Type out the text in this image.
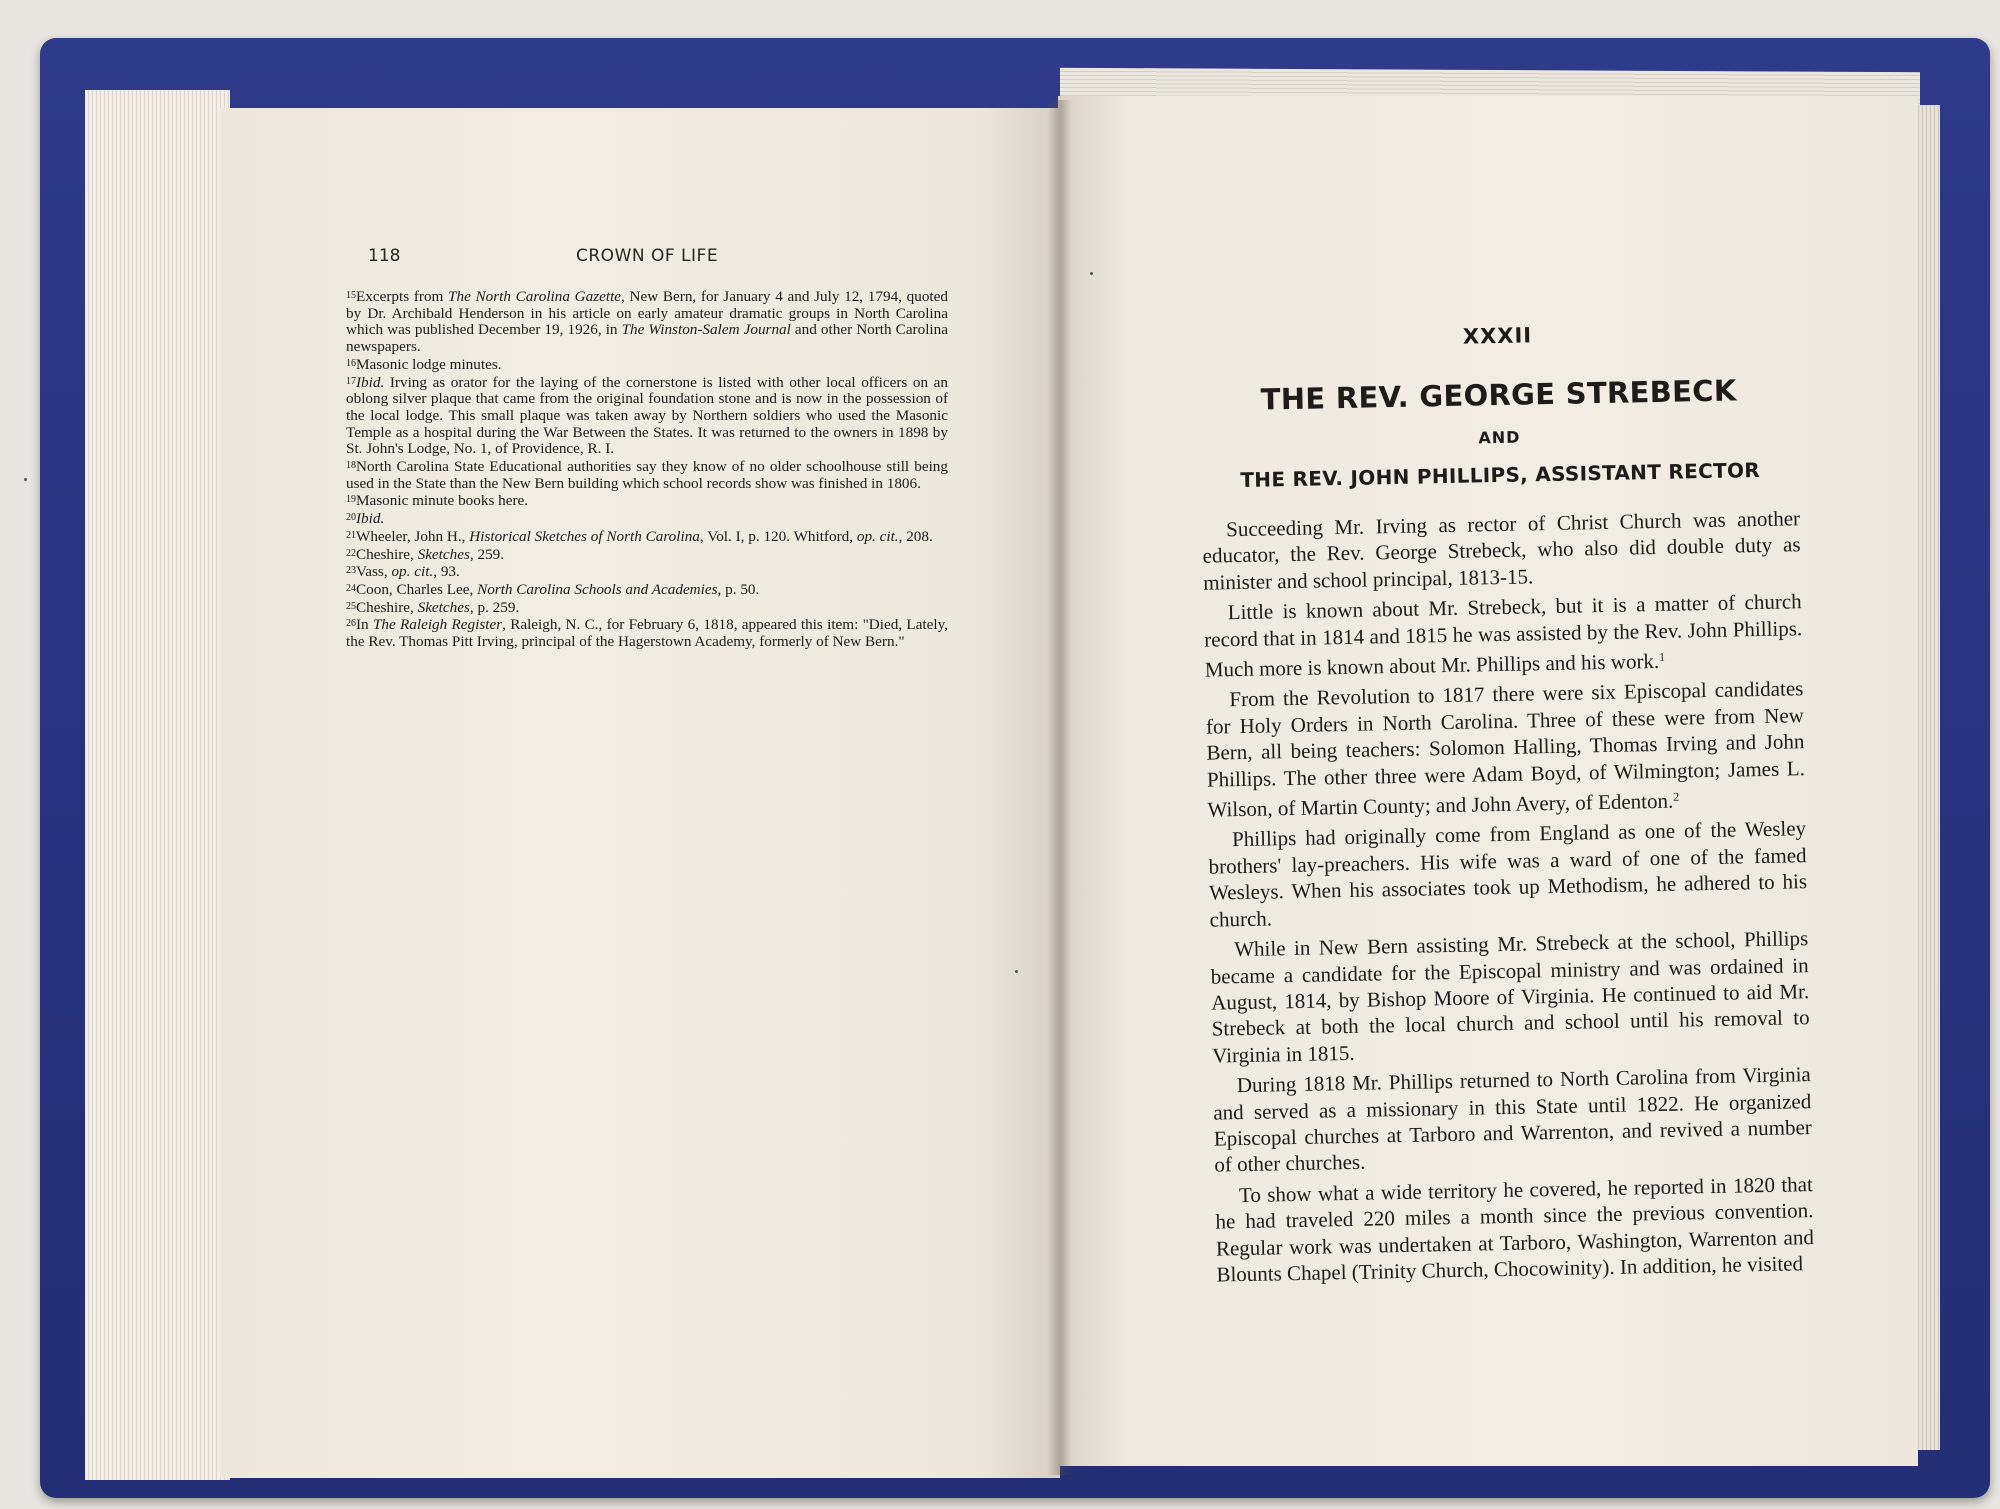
118	CROWN OF LIFE

$^{15}$Excerpts from The North Carolina Gazette, New Bern, for January 4 and July 12, 1794, quoted by Dr. Archibald Henderson in his article on early amateur dramatic groups in North Carolina which was published December 19, 1926, in The Winston-Salem Journal and other North Carolina newspapers.

$^{16}$Masonic lodge minutes.

$^{17}$Ibid. Irving as orator for the laying of the cornerstone is listed with other local officers on an oblong silver plaque that came from the original foundation stone and is now in the possession of the local lodge. This small plaque was taken away by Northern soldiers who used the Masonic Temple as a hospital during the War Between the States. It was returned to the owners in 1898 by St. John's Lodge, No. 1, of Providence, R. I.

$^{18}$North Carolina State Educational authorities say they know of no older schoolhouse still being used in the State than the New Bern building which school records show was finished in 1806.

$^{19}$Masonic minute books here.

$^{20}$Ibid.

$^{21}$Wheeler, John H., Historical Sketches of North Carolina, Vol. I, p. 120. Whitford, op. cit., 208.

$^{22}$Cheshire, Sketches, 259.

$^{23}$Vass, op. cit., 93.

$^{24}$Coon, Charles Lee, North Carolina Schools and Academies, p. 50.

$^{25}$Cheshire, Sketches, p. 259.

$^{26}$In The Raleigh Register, Raleigh, N. C., for February 6, 1818, appeared this item: "Died, Lately, the Rev. Thomas Pitt Irving, principal of the Hagerstown Academy, formerly of New Bern."

XXXII
THE REV. GEORGE STREBECK
AND
THE REV. JOHN PHILLIPS, ASSISTANT RECTOR

Succeeding Mr. Irving as rector of Christ Church was another educator, the Rev. George Strebeck, who also did double duty as minister and school principal, 1813-15.

Little is known about Mr. Strebeck, but it is a matter of church record that in 1814 and 1815 he was assisted by the Rev. John Phillips. Much more is known about Mr. Phillips and his work.$^1$

From the Revolution to 1817 there were six Episcopal candidates for Holy Orders in North Carolina. Three of these were from New Bern, all being teachers: Solomon Halling, Thomas Irving and John Phillips. The other three were Adam Boyd, of Wilmington; James L. Wilson, of Martin County; and John Avery, of Edenton.$^2$

Phillips had originally come from England as one of the Wesley brothers' lay-preachers. His wife was a ward of one of the famed Wesleys. When his associates took up Methodism, he adhered to his church.

While in New Bern assisting Mr. Strebeck at the school, Phillips became a candidate for the Episcopal ministry and was ordained in August, 1814, by Bishop Moore of Virginia. He continued to aid Mr. Strebeck at both the local church and school until his removal to Virginia in 1815.

During 1818 Mr. Phillips returned to North Carolina from Virginia and served as a missionary in this State until 1822. He organized Episcopal churches at Tarboro and Warrenton, and revived a number of other churches.

To show what a wide territory he covered, he reported in 1820 that he had traveled 220 miles a month since the previous convention. Regular work was undertaken at Tarboro, Washington, Warrenton and Blounts Chapel (Trinity Church, Chocowinity). In addition, he visited
